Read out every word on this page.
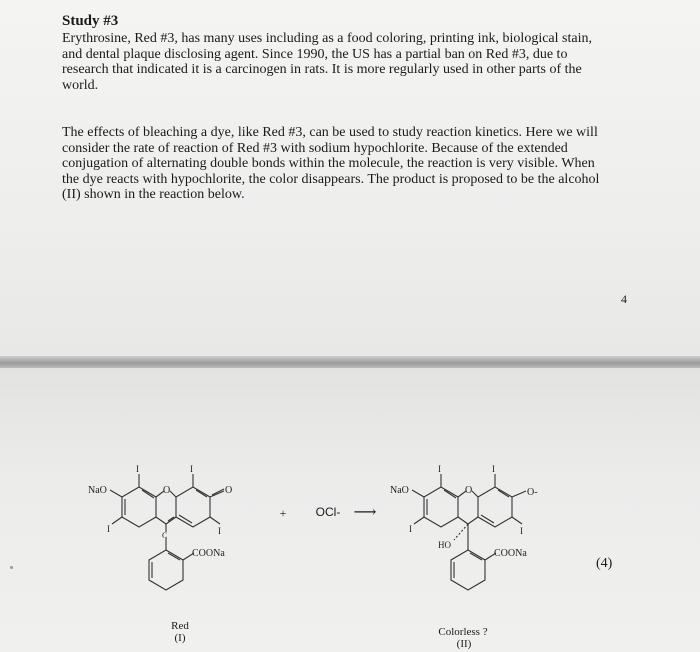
Study #3
Erythrosine, Red #3, has many uses including as a food coloring, printing ink, biological stain,
and dental plaque disclosing agent. Since 1990, the US has a partial ban on Red #3, due to
research that indicated it is a carcinogen in rats. It is more regularly used in other parts of the
world.
The effects of bleaching a dye, like Red #3, can be used to study reaction kinetics. Here we will
consider the rate of reaction of Red #3 with sodium hypochlorite. Because of the extended
conjugation of alternating double bonds within the molecule, the reaction is very visible. When
the dye reacts with hypochlorite, the color disappears. The product is proposed to be the alcohol
(II) shown in the reaction below.
4
NaO	O	O
I	I
I	I
C
COONa
Red
(I)
+	OCl- ⟶
NaO	O	O-
I	I
I	I
HO
COONa
Colorless ?
(II)
(4)
